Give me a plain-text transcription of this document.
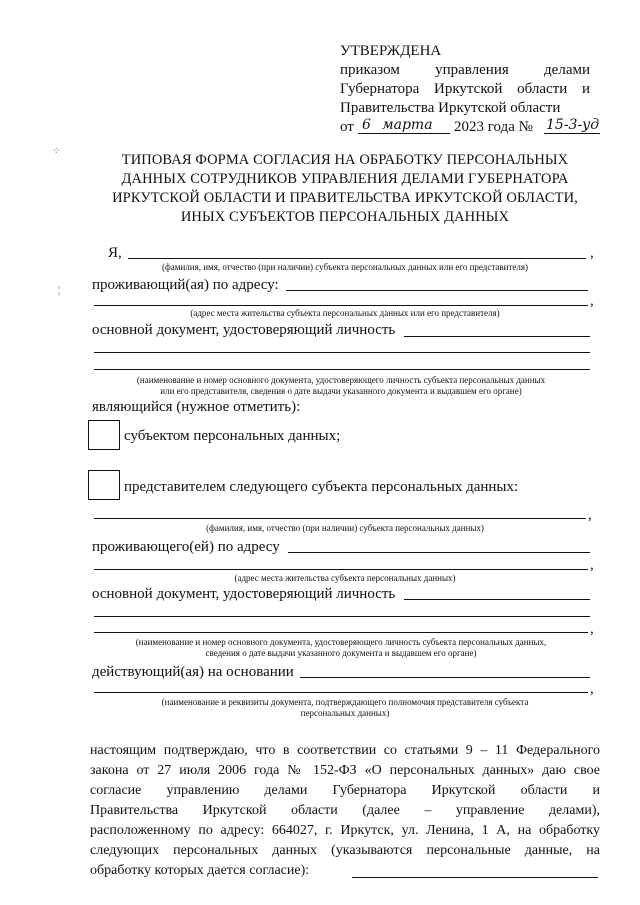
УТВЕРЖДЕНА
приказом управления делами
Губернатора Иркутской области и
Правительства Иркутской области
от 6 марта 2023 года № 15-3-уд
⁘
¦
ТИПОВАЯ ФОРМА СОГЛАСИЯ НА ОБРАБОТКУ ПЕРСОНАЛЬНЫХ
ДАННЫХ СОТРУДНИКОВ УПРАВЛЕНИЯ ДЕЛАМИ ГУБЕРНАТОРА
ИРКУТСКОЙ ОБЛАСТИ И ПРАВИТЕЛЬСТВА ИРКУТСКОЙ ОБЛАСТИ,
ИНЫХ СУБЪЕКТОВ ПЕРСОНАЛЬНЫХ ДАННЫХ
Я,	,
(фамилия, имя, отчество (при наличии) субъекта персональных данных или его представителя)
проживающий(ая) по адресу:
,
(адрес места жительства субъекта персональных данных или его представителя)
основной документ, удостоверяющий личность
(наименование и номер основного документа, удостоверяющего личность субъекта персональных данных
или его представителя, сведения о дате выдачи указанного документа и выдавшем его органе)
являющийся (нужное отметить):
субъектом персональных данных;
представителем следующего субъекта персональных данных:
,
(фамилия, имя, отчество (при наличии) субъекта персональных данных)
проживающего(ей) по адресу
,
(адрес места жительства субъекта персональных данных)
основной документ, удостоверяющий личность
,
(наименование и номер основного документа, удостоверяющего личность субъекта персональных данных,
сведения о дате выдачи указанного документа и выдавшем его органе)
действующий(ая) на основании
,
(наименование и реквизиты документа, подтверждающего полномочия представителя субъекта
персональных данных)
настоящим подтверждаю, что в соответствии со статьями 9 – 11 Федерального
закона от 27 июля 2006 года № 152-ФЗ «О персональных данных» даю свое
согласие управлению делами Губернатора Иркутской области и
Правительства Иркутской области (далее – управление делами),
расположенному по адресу: 664027, г. Иркутск, ул. Ленина, 1 А, на обработку
следующих персональных данных (указываются персональные данные, на
обработку которых дается согласие):
